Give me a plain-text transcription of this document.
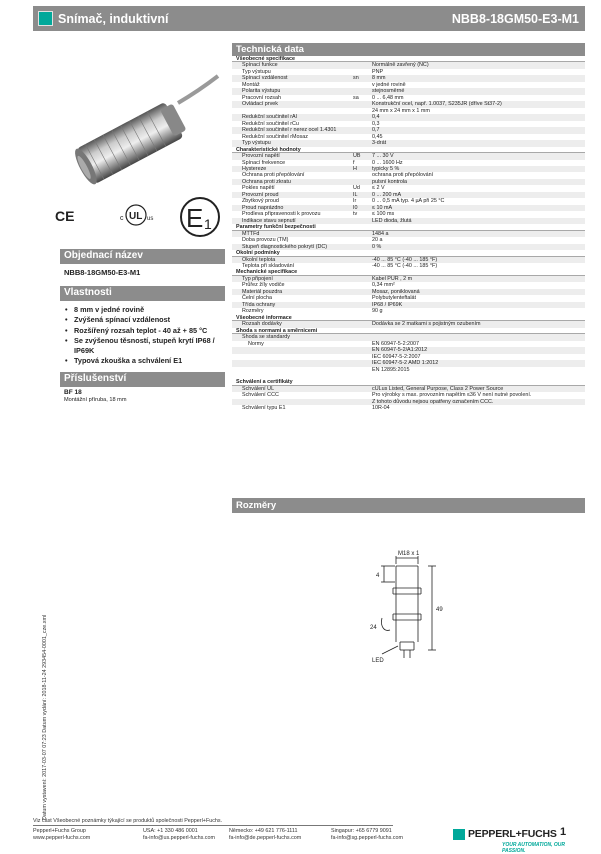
Snímač, induktivní	NBB8-18GM50-E3-M1
CE	c UL us E 1
Objednací název
NBB8-18GM50-E3-M1
Vlastnosti
• 8 mm v jedné rovině
• Zvýšená spínací vzdálenost
• Rozšířený rozsah teplot - 40 až + 85 °C
• Se zvýšenou těsností, stupeň krytí IP68 / IP69K
• Typová zkouška a schválení E1
Příslušenství
BF 18
Montážní příruba, 18 mm
Datum vystavení: 2017-03-07 07:23 Datum vydání: 2018-11-24 293454-0001_cze.xml
Technická data
Všeobecné specifikace
Spínací funkce	Normálně zavřený (NC)
Typ výstupu	PNP
Spínací vzdálenost	sn	8 mm
Montáž	v jedné rovině
Polarita výstupu	stejnosměrné
Pracovní rozsah	sa	0 ... 6,48 mm
Ovládací prvek	Konstrukční ocel, např. 1.0037, S235JR (dříve St37-2)
24 mm x 24 mm x 1 mm
Redukční součinitel rAl	0,4
Redukční součinitel rCu	0,3
Redukční součinitel r nerez ocel 1.4301	0,7
Redukční součinitel rMosaz	0,45
Typ výstupu	3-drát
Charakteristické hodnoty
Provozní napětí	UB	7 ... 30 V
Spínací frekvence	f	0 ... 1600 Hz
Hystereze	H	typicky 5 %
Ochrana proti přepólování	ochrana proti přepólování
Ochrana proti zkratu	pulsní kontrola
Pokles napětí	Ud	≤ 2 V
Provozní proud	IL	0 ... 200 mA
Zbytkový proud	Ir	0 ... 0,5 mA typ. 4 µA při 25 °C
Proud naprázdno	I0	≤ 10 mA
Prodleva připravenosti k provozu	tv	≤ 100 ms
Indikace stavu sepnutí	LED dioda, žlutá
Parametry funkční bezpečnosti
MTTFd	1484 a
Doba provozu (TM)	20 a
Stupeň diagnostického pokrytí (DC)	0 %
Okolní podmínky
Okolní teplota	-40 ... 85 °C (-40 ... 185 °F)
Teplota při skladování	-40 ... 85 °C (-40 ... 185 °F)
Mechanické specifikace
Typ připojení	Kabel PUR , 2 m
Průřez žíly vodiče	0,34 mm²
Materiál pouzdra	Mosaz, poniklovaná
Čelní plocha	Polybutylenteftalát
Třída ochrany	IP68 / IP69K
Rozměry	90 g
Všeobecné informace
Rozsah dodávky	Dodávka se 2 matkami s pojistným ozubením
Shoda s normami a směrnicemi
Shoda se standardy
Normy	EN 60947-5-2:2007
EN 60947-5-2/A1:2012
IEC 60947-5-2:2007
IEC 60947-5-2 AMD 1:2012
EN 12895:2015
Schválení a certifikáty
Schválení UL	cULus Listed, General Purpose, Class 2 Power Source
Schválení CCC	Pro výrobky s max. provozním napětím ≤36 V není nutné povolení.
Z tohoto důvodu nejsou opatřeny označením CCC.
Schválení typu E1	10R-04
Rozměry
M18 x 1
4
49
24
LED
Viz část Všeobecné poznámky týkající se produktů společnosti Pepperl+Fuchs.
Pepperl+Fuchs Group
www.pepperl-fuchs.com
USA: +1 330 486 0001
fa-info@us.pepperl-fuchs.com
Německo: +49 621 776-1111
fa-info@de.pepperl-fuchs.com
Singapur: +65 6779 9091
fa-info@sg.pepperl-fuchs.com	PEPPERL+FUCHS
YOUR AUTOMATION, OUR PASSION.
1
